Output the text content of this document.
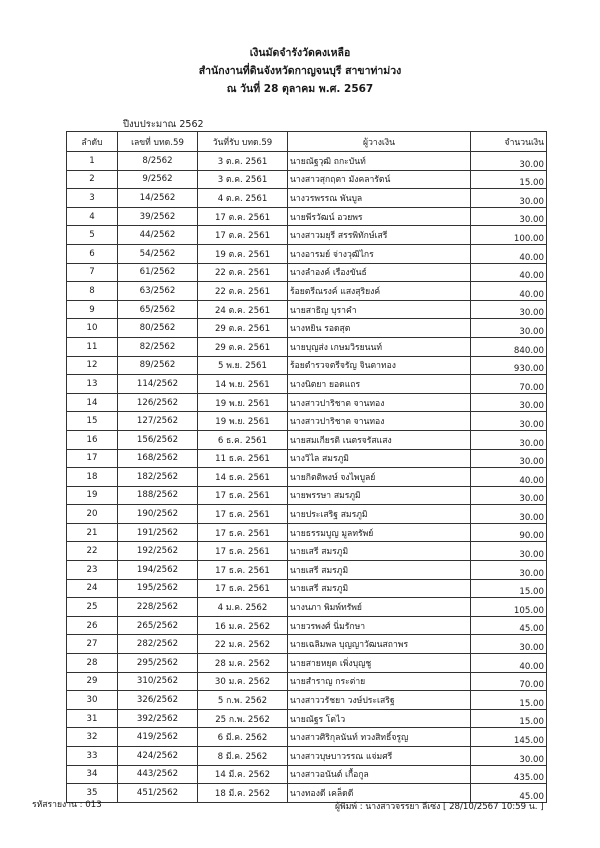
เงินมัดจำรังวัดคงเหลือ
สำนักงานที่ดินจังหวัดกาญจนบุรี สาขาท่าม่วง
ณ วันที่ 28 ตุลาคม พ.ศ. 2567
ปีงบประมาณ 2562
ลำดับ	เลขที่ บทด.59	วันที่รับ บทด.59	ผู้วางเงิน	จำนวนเงิน
1	8/2562	3 ต.ค. 2561	นายณัฐวุฒิ ถกะบันท์	30.00
2	9/2562	3 ต.ค. 2561	นางสาวสุกฤตา มังคลารัตน์	15.00
3	14/2562	4 ต.ค. 2561	นางวรพรรณ พันบูล	30.00
4	39/2562	17 ต.ค. 2561	นายพีรวัฒน์ อวยพร	30.00
5	44/2562	17 ต.ค. 2561	นางสาวมยุรี สรรพิทักษ์เสรี	100.00
6	54/2562	19 ต.ค. 2561	นางอารมย์ จ่างวุฒิไกร	40.00
7	61/2562	22 ต.ค. 2561	นางลำองค์ เรืองขันธ์	40.00
8	63/2562	22 ต.ค. 2561	ร้อยตรีณรงค์ แสงสุริยงค์	40.00
9	65/2562	24 ต.ค. 2561	นายสาธิญ บุราคำ	30.00
10	80/2562	29 ต.ค. 2561	นางหยิน รอดสุต	30.00
11	82/2562	29 ต.ค. 2561	นายบุญส่ง เกษมวิรยนนท์	840.00
12	89/2562	5 พ.ย. 2561	ร้อยตำรวจตรีจรัญ จินตาทอง	930.00
13	114/2562	14 พ.ย. 2561	นางนิตยา ยอดแถร	70.00
14	126/2562	19 พ.ย. 2561	นางสาวปาริชาต จานทอง	30.00
15	127/2562	19 พ.ย. 2561	นางสาวปาริชาต จานทอง	30.00
16	156/2562	6 ธ.ค. 2561	นายสมเกียรติ เนตรจรัสแสง	30.00
17	168/2562	11 ธ.ค. 2561	นางวิไล สมรภูมิ	30.00
18	182/2562	14 ธ.ค. 2561	นายกิตติพงษ์ จงไพบูลย์	40.00
19	188/2562	17 ธ.ค. 2561	นายพรรษา สมรภูมิ	30.00
20	190/2562	17 ธ.ค. 2561	นายประเสริฐ สมรภูมิ	30.00
21	191/2562	17 ธ.ค. 2561	นายธรรมบูญ มูลทรัพย์	90.00
22	192/2562	17 ธ.ค. 2561	นายเสรี สมรภูมิ	30.00
23	194/2562	17 ธ.ค. 2561	นายเสรี สมรภูมิ	30.00
24	195/2562	17 ธ.ค. 2561	นายเสรี สมรภูมิ	15.00
25	228/2562	4 ม.ค. 2562	นางนภา พิมพ์ทรัพย์	105.00
26	265/2562	16 ม.ค. 2562	นายวรพงศ์ นิ่มรักษา	45.00
27	282/2562	22 ม.ค. 2562	นายเฉลิมพล บุญญาวัฒนสถาพร	30.00
28	295/2562	28 ม.ค. 2562	นายสายหยุด เพิ่งบุญชู	40.00
29	310/2562	30 ม.ค. 2562	นายสำราญ กระต่าย	70.00
30	326/2562	5 ก.พ. 2562	นางสาววรัชยา วงษ์ประเสริฐ	15.00
31	392/2562	25 ก.พ. 2562	นายณัฐร โตไว	15.00
32	419/2562	6 มี.ค. 2562	นางสาวศิริกุลนันท์ ทวงสิทธิ์จรูญ	145.00
33	424/2562	8 มี.ค. 2562	นางสาวบุษบาวรรณ แจ่มศรี	30.00
34	443/2562	14 มี.ค. 2562	นางสาวอนันต์ เกื้อกูล	435.00
35	451/2562	18 มี.ค. 2562	นางทองดี เคล็ดดี	45.00
รหัสรายงาน : 013	ผู้พิมพ์ : นางสาวจรรยา ลีเซ่ง [ 28/10/2567 10:59 น. ]
